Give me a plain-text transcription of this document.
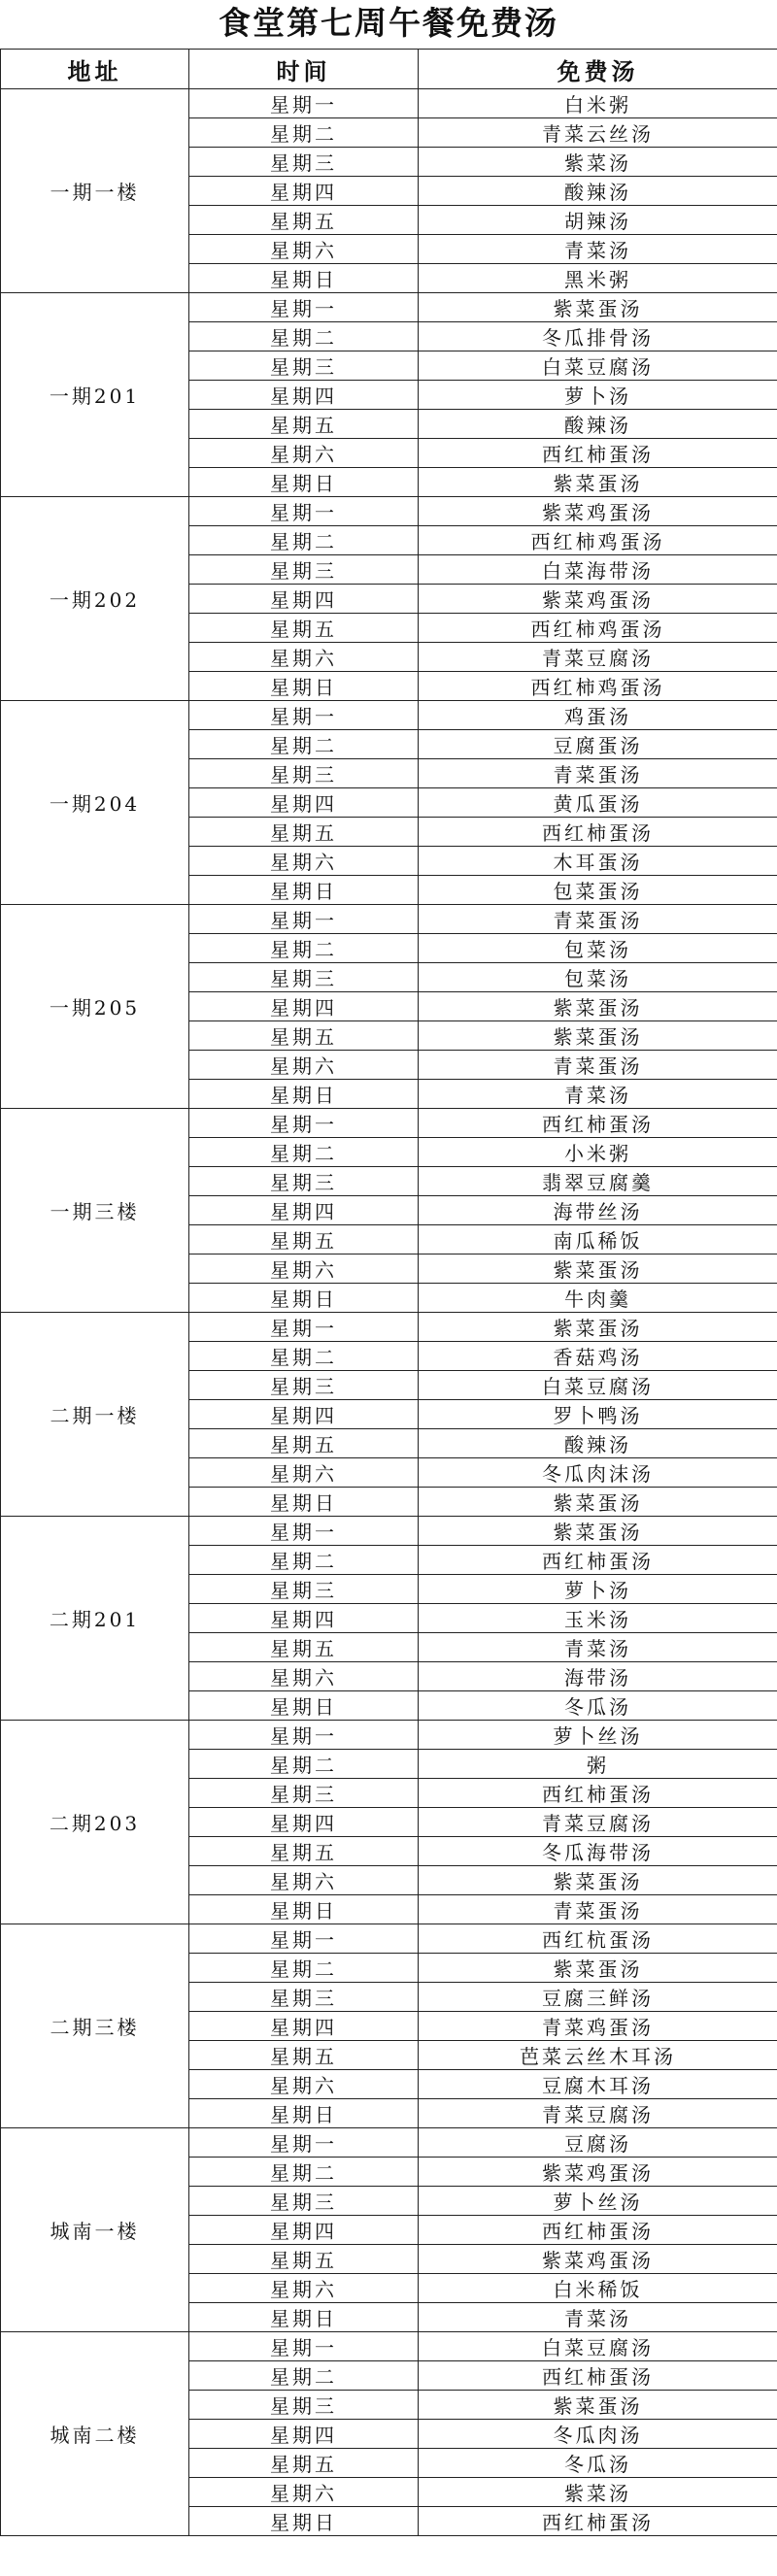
食堂第七周午餐免费汤
地址	时间	免费汤
一期一楼	星期一	白米粥
	星期二	青菜云丝汤
	星期三	紫菜汤
	星期四	酸辣汤
	星期五	胡辣汤
	星期六	青菜汤
	星期日	黑米粥
一期201	星期一	紫菜蛋汤
	星期二	冬瓜排骨汤
	星期三	白菜豆腐汤
	星期四	萝卜汤
	星期五	酸辣汤
	星期六	西红柿蛋汤
	星期日	紫菜蛋汤
一期202	星期一	紫菜鸡蛋汤
	星期二	西红柿鸡蛋汤
	星期三	白菜海带汤
	星期四	紫菜鸡蛋汤
	星期五	西红柿鸡蛋汤
	星期六	青菜豆腐汤
	星期日	西红柿鸡蛋汤
一期204	星期一	鸡蛋汤
	星期二	豆腐蛋汤
	星期三	青菜蛋汤
	星期四	黄瓜蛋汤
	星期五	西红柿蛋汤
	星期六	木耳蛋汤
	星期日	包菜蛋汤
一期205	星期一	青菜蛋汤
	星期二	包菜汤
	星期三	包菜汤
	星期四	紫菜蛋汤
	星期五	紫菜蛋汤
	星期六	青菜蛋汤
	星期日	青菜汤
一期三楼	星期一	西红柿蛋汤
	星期二	小米粥
	星期三	翡翠豆腐羹
	星期四	海带丝汤
	星期五	南瓜稀饭
	星期六	紫菜蛋汤
	星期日	牛肉羹
二期一楼	星期一	紫菜蛋汤
	星期二	香菇鸡汤
	星期三	白菜豆腐汤
	星期四	罗卜鸭汤
	星期五	酸辣汤
	星期六	冬瓜肉沫汤
	星期日	紫菜蛋汤
二期201	星期一	紫菜蛋汤
	星期二	西红柿蛋汤
	星期三	萝卜汤
	星期四	玉米汤
	星期五	青菜汤
	星期六	海带汤
	星期日	冬瓜汤
二期203	星期一	萝卜丝汤
	星期二	粥
	星期三	西红柿蛋汤
	星期四	青菜豆腐汤
	星期五	冬瓜海带汤
	星期六	紫菜蛋汤
	星期日	青菜蛋汤
二期三楼	星期一	西红杭蛋汤
	星期二	紫菜蛋汤
	星期三	豆腐三鲜汤
	星期四	青菜鸡蛋汤
	星期五	芭菜云丝木耳汤
	星期六	豆腐木耳汤
	星期日	青菜豆腐汤
城南一楼	星期一	豆腐汤
	星期二	紫菜鸡蛋汤
	星期三	萝卜丝汤
	星期四	西红柿蛋汤
	星期五	紫菜鸡蛋汤
	星期六	白米稀饭
	星期日	青菜汤
城南二楼	星期一	白菜豆腐汤
	星期二	西红柿蛋汤
	星期三	紫菜蛋汤
	星期四	冬瓜肉汤
	星期五	冬瓜汤
	星期六	紫菜汤
	星期日	西红柿蛋汤
